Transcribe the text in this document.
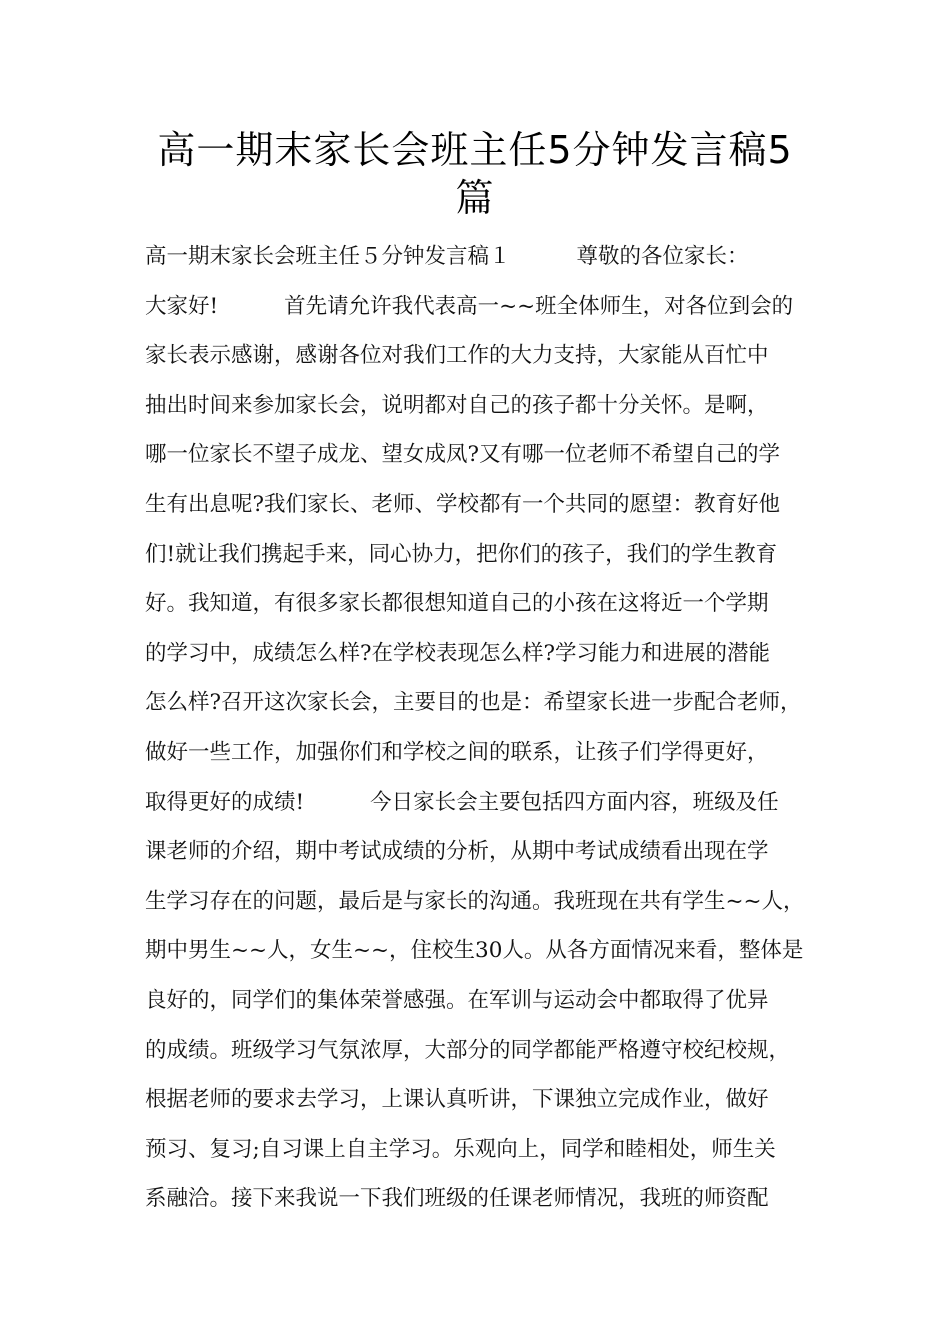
高一期末家长会班主任5分钟发言稿5
篇
高一期末家长会班主任５分钟发言稿１	尊敬的各位家长：
大家好!	首先请允许我代表高一~~班全体师生，对各位到会的
家长表示感谢，感谢各位对我们工作的大力支持，大家能从百忙中
抽出时间来参加家长会，说明都对自己的孩子都十分关怀。是啊，
哪一位家长不望子成龙、望女成凤?又有哪一位老师不希望自己的学
生有出息呢?我们家长、老师、学校都有一个共同的愿望：教育好他
们!就让我们携起手来，同心协力，把你们的孩子，我们的学生教育
好。我知道，有很多家长都很想知道自己的小孩在这将近一个学期
的学习中，成绩怎么样?在学校表现怎么样?学习能力和进展的潜能
怎么样?召开这次家长会，主要目的也是：希望家长进一步配合老师，
做好一些工作，加强你们和学校之间的联系，让孩子们学得更好，
取得更好的成绩!	今日家长会主要包括四方面内容，班级及任
课老师的介绍，期中考试成绩的分析，从期中考试成绩看出现在学
生学习存在的问题，最后是与家长的沟通。我班现在共有学生~~人，
期中男生~~人，女生~~，住校生30人。从各方面情况来看，整体是
良好的，同学们的集体荣誉感强。在军训与运动会中都取得了优异
的成绩。班级学习气氛浓厚，大部分的同学都能严格遵守校纪校规，
根据老师的要求去学习，上课认真听讲，下课独立完成作业，做好
预习、复习;自习课上自主学习。乐观向上，同学和睦相处，师生关
系融洽。接下来我说一下我们班级的任课老师情况，我班的师资配
